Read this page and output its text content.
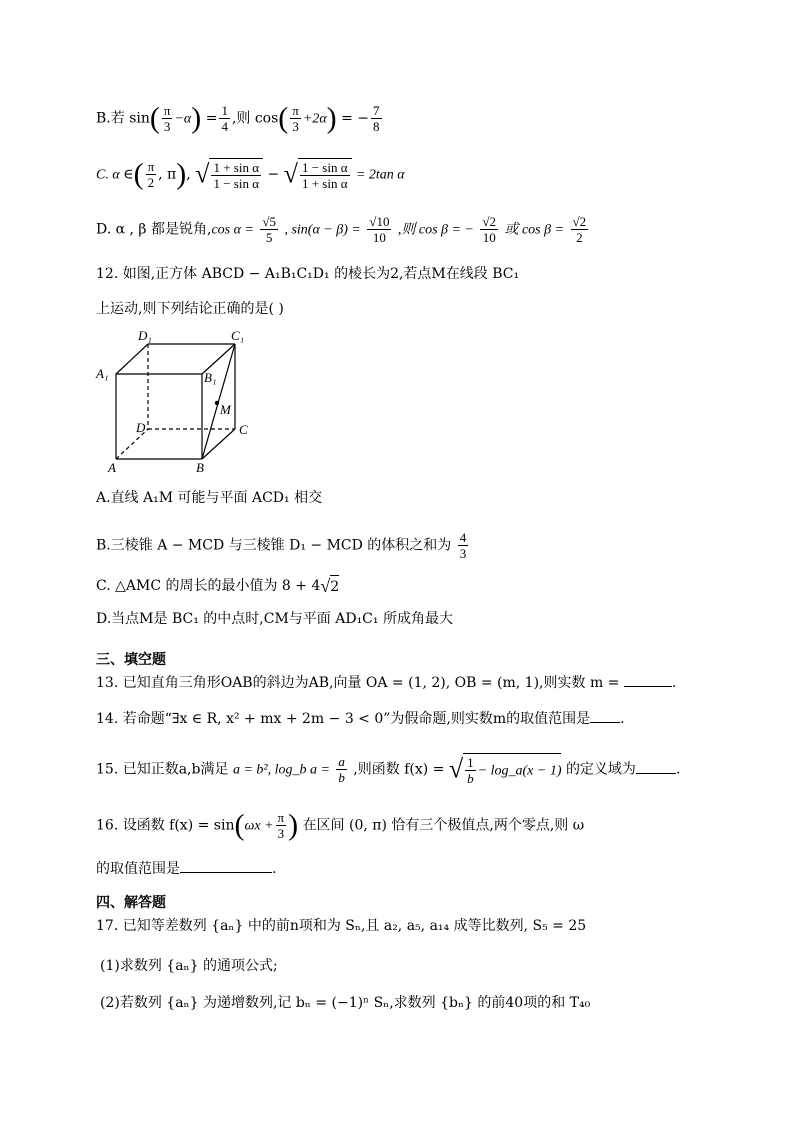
B.若 $\sin( \frac{\pi}{3} -\alpha) = \frac{1}{4}$ ,则 $\cos( \frac{\pi}{3} +2\alpha)$ = − $\frac{7}{8}$
C. α ∈( $\frac{\pi}{2}$ , π), √ $\frac{\text{1 + sin α}}{\text{1 − sin α}}$ − √ $\frac{\text{1 − sin α}}{\text{1 + sin α}} = 2\tan$ α
D. α , β 都是锐角,cos $\alpha = \frac{√5}{5}$ , $\sin(\alpha - \beta) = \frac{√10}{10}$ ,则 cos β = − $\frac{√2}{10}$ 或 $\cos \beta = \frac{√2}{2}$
12. 如图,正方体 ABCD − A₁B₁C₁D₁ 的棱长为2,若点M在线段 BC₁
上运动,则下列结论正确的是( )
D₁	C₁
A₁	B₁
M
D	C
A	B
A.直线 A₁M 可能与平面 ACD₁ 相交
B.三棱锥 A − MCD 与三棱锥 D₁ − MCD 的体积之和为 $\frac{4}{3}$
C. △AMC 的周长的最小值为 8 + 4√2
D.当点M是 BC₁ 的中点时,CM与平面 AD₁C₁ 所成角最大
三、填空题
13. 已知直角三角形OAB的斜边为AB,向量 OA = (1, 2), OB = (m, 1),则实数 m =	.
14. 若命题“∃x ∈ R, x² + mx + 2m − 3 < 0”为假命题,则实数m的取值范围是 .
15. 已知正数a,b满足 a = b², log_b $a = \frac{a}{b}$ ,则函数 f(x) = √ $\frac{1}{b}$ − log_a(x − 1) 的定义域为	.
16. 设函数 $f(x) = \sin(\omega x + \frac{\pi}{3}$ ) 在区间 (0, π) 恰有三个极值点,两个零点,则 ω
的取值范围是	.
四、解答题
17. 已知等差数列 {aₙ} 中的前n项和为 Sₙ,且 a₂, a₅, a₁₄ 成等比数列, S₅ = 25
(1)求数列 {aₙ} 的通项公式;
(2)若数列 {aₙ} 为递增数列,记 bₙ = (−1)ⁿ Sₙ,求数列 {bₙ} 的前40项的和 T₄₀
